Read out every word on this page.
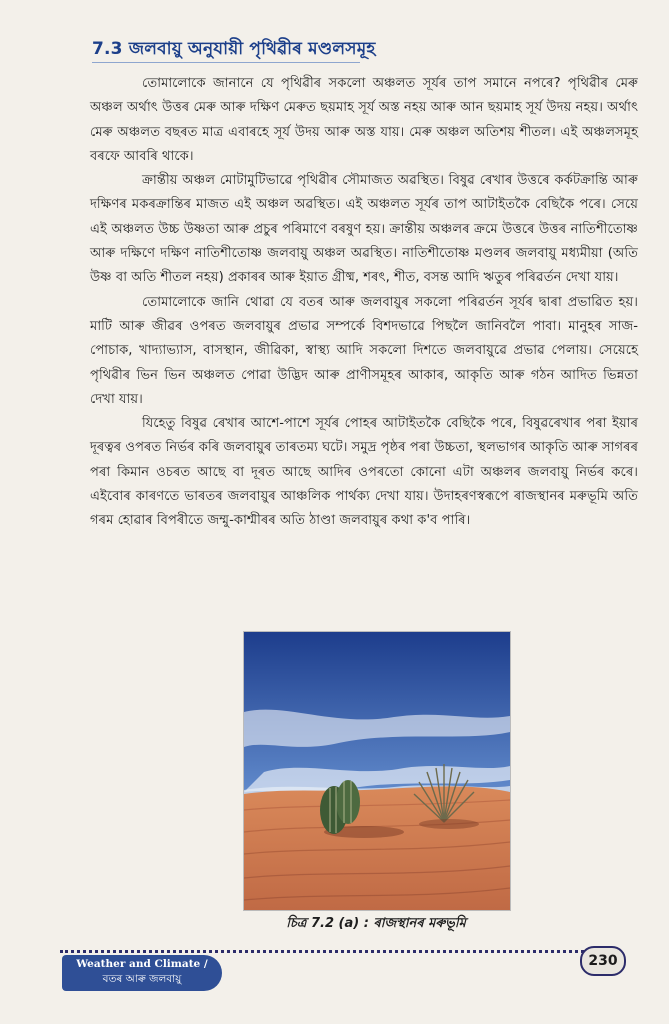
7.3 জলবায়ু অনুযায়ী পৃথিৱীৰ মণ্ডলসমূহ

তোমালোকে জানানে যে পৃথিৱীৰ সকলো অঞ্চলত সূৰ্যৰ তাপ সমানে নপৰে? পৃথিৱীৰ মেৰু অঞ্চল অৰ্থাৎ উত্তৰ মেৰু আৰু দক্ষিণ মেৰুত ছয়মাহ সূৰ্য অস্ত নহয় আৰু আন ছয়মাহ সূৰ্য উদয় নহয়। অৰ্থাৎ মেৰু অঞ্চলত বছৰত মাত্ৰ এবাৰহে সূৰ্য উদয় আৰু অস্ত যায়। মেৰু অঞ্চল অতিশয় শীতল। এই অঞ্চলসমূহ বৰফে আবৰি থাকে।

ক্ৰান্তীয় অঞ্চল মোটামুটিভাৱে পৃথিৱীৰ সৌমাজত অৱস্থিত। বিষুৱ ৰেখাৰ উত্তৰে কৰ্কটক্ৰান্তি আৰু দক্ষিণৰ মকৰক্ৰান্তিৰ মাজত এই অঞ্চল অৱস্থিত। এই অঞ্চলত সূৰ্যৰ তাপ আটাইতকৈ বেছিকৈ পৰে। সেয়ে এই অঞ্চলত উচ্চ উষ্ণতা আৰু প্ৰচুৰ পৰিমাণে বৰষুণ হয়। ক্ৰান্তীয় অঞ্চলৰ ক্ৰমে উত্তৰে উত্তৰ নাতিশীতোষ্ণ আৰু দক্ষিণে দক্ষিণ নাতিশীতোষ্ণ জলবায়ু অঞ্চল অৱস্থিত। নাতিশীতোষ্ণ মণ্ডলৰ জলবায়ু মধ্যমীয়া (অতি উষ্ণ বা অতি শীতল নহয়) প্ৰকাৰৰ আৰু ইয়াত গ্ৰীষ্ম, শৰৎ, শীত, বসন্ত আদি ঋতুৰ পৰিৱৰ্তন দেখা যায়।

তোমালোকে জানি থোৱা যে বতৰ আৰু জলবায়ুৰ সকলো পৰিৱৰ্তন সূৰ্যৰ দ্বাৰা প্ৰভাৱিত হয়। মাটি আৰু জীৱৰ ওপৰত জলবায়ুৰ প্ৰভাৱ সম্পৰ্কে বিশদভাৱে পিছলৈ জানিবলৈ পাবা। মানুহৰ সাজ-পোচাক, খাদ্যাভ্যাস, বাসস্থান, জীৱিকা, স্বাস্থ্য আদি সকলো দিশতে জলবায়ুৱে প্ৰভাৱ পেলায়। সেয়েহে পৃথিৱীৰ ভিন ভিন অঞ্চলত পোৱা উদ্ভিদ আৰু প্ৰাণীসমূহৰ আকাৰ, আকৃতি আৰু গঠন আদিত ভিন্নতা দেখা যায়।

যিহেতু বিষুৱ ৰেখাৰ আশে-পাশে সূৰ্যৰ পোহৰ আটাইতকৈ বেছিকৈ পৰে, বিষুৱৰেখাৰ পৰা ইয়াৰ দূৰত্বৰ ওপৰত নিৰ্ভৰ কৰি জলবায়ুৰ তাৰতম্য ঘটে। সমুদ্ৰ পৃষ্ঠৰ পৰা উচ্চতা, স্থলভাগৰ আকৃতি আৰু সাগৰৰ পৰা কিমান ওচৰত আছে বা দূৰত আছে আদিৰ ওপৰতো কোনো এটা অঞ্চলৰ জলবায়ু নিৰ্ভৰ কৰে। এইবোৰ কাৰণতে ভাৰতৰ জলবায়ুৰ আঞ্চলিক পাৰ্থক্য দেখা যায়। উদাহৰণস্বৰূপে ৰাজস্থানৰ মৰুভূমি অতি গৰম হোৱাৰ বিপৰীতে জম্মু-কাশ্মীৰৰ অতি ঠাণ্ডা জলবায়ুৰ কথা ক'ব পাৰি।

চিত্ৰ 7.2 (a) : ৰাজস্থানৰ মৰুভূমি
Weather and Climate /
বতৰ আৰু জলবায়ু
230
